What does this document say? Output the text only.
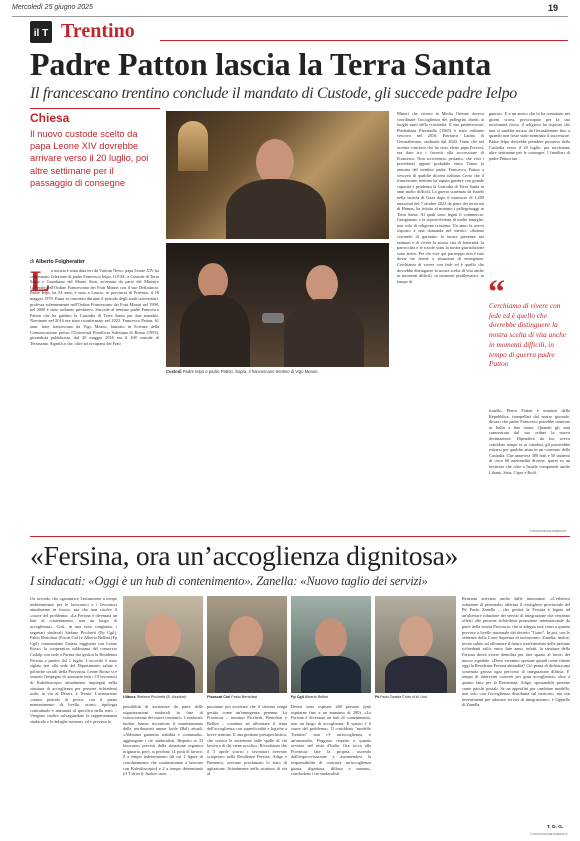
Mercoledì 25 giugno 2025	19
il T Trentino
Padre Patton lascia la Terra Santa
Il francescano trentino conclude il mandato di Custode, gli succede padre Ielpo
Chiesa
Il nuovo custode scelto da papa Leone XIV dovrebbe arrivare verso il 20 luglio, poi altre settimane per il passaggio di consegne
di Alberto Folgheraiter
L a notizia è stata data ieri da Vatican News: papa Leone XIV ha confermato l'elezione di padre Francesco Ielpo, O.F.M., a Custode di Terra Santa e Guardiano del Monte Sion, avvenuta da parte del Ministro Generale dell'Ordine Francescano dei Frati Minori con il suo Definitorio. Padre Ielpo ha 54 anni, è nato a Lauria, in provincia di Potenza, il 18 maggio 1970. Entra in convento durante il periodo degli studi universitari, professa solennemente nell'Ordine Francescano dei Frati Minori nel 1998; nel 2000 è stato ordinato presbitero. Succede al trentino padre Francesco Patton che ha guidato la Custodia di Terra Santa per due mandati. Nominato nel 2016 era stato riconfermato nel 2022. Francesco Patton, 61 anni, frate francescano da Vigo Meano, laureato in Scienze della Comunicazione presso l'Università Pontificia Salesiana di Roma (1993), giornalista pubblicista, dal 20 maggio 2016 era il 168 custode di Terrasanta. Significa che, oltre ad occuparsi dei Frati
Custodi Padre Ielpo e padre Patton. Sopra, il francescano trentino di Vigo Meano
Minori che vivono in Medio Oriente doveva coordinare l'accoglienza dei pellegrini diretti ai luoghi santi della cristianità. Il suo predecessore, Pierbattista Pizzaballa (1965) è stato ordinato vescovo nel 2016, Patriarca Latino di Gerusalemme, cardinale dal 2020. Tanto che nel recente conclave che ha visto eletto papa Prevost, era dato tra i favoriti alla successione di Francesco. Non scriveremo, pertanto, che visti i precedenti appare probabile entro l'anno la nomina del trentino padre Francesco Patton a vescovo di qualche diocesi italiana. Certo che il francescano trentino ha saputo guidare con grande capacità e prudenza la Custodia di Terra Santa in anni molto difficili. La guerra scatenata da Israele nella striscia di Gaza dopo il massacro di 1.200 innocenti del 7 ottobre 2023 da parte dei terroristi di Hamas, ha ridotto al minimo i pellegrinaggi in Terra Santa. Al quali sono legati il commercio, l'artigianato e la sopravvivenza di molte famiglie, non solo di religione cristiana. Un anno fa aveva risposto a una domanda nel merito: «Stiamo cercando di garantire la nostra presenza nei santuari e di vivere la nostra vita di fraternità, la parrocchia e le scuole sotto la nostra giurisdizione sono attive. Per chi vive qui purtroppo non è tuto dover far fronte a situazioni di emergenza. Cerchiamo di vivere con fede ed è quello che dovrebbe distinguere la nostra scelta di vita anche in momenti difficili, in momenti problematici, in tempo di
guerra». E a un amico che lo ha contattato nei giorni scorsi, preoccupato per la sua incolumità fisica, il religioso ha risposto che non si sarebbe mosso da Gerusalemme fino a quando non fosse stato nominato il successore. Padre Ielpo dovrebbe prendere possesso della Custodia verso il 20 luglio, poi serviranno altre settimane per le consegne. I familiari di padre Patton tun
“
Cerchiamo di vivere con fede ed è quello che dovrebbe distinguere la nostra scelta di vita anche in momenti difficili, in tempo di guerra padre Patton
fratello, Pietro Patton è senatore della Repubblica, interpellati dal nostro giornale, dicono che padre Francesco potrebbe rientrare in Italia a fine estate. Quando gli sarà comunicata dal suo ordine la nuova destinazione. Dipenderà da lui, aveva confidato tempo fa ai cittadini, gli piacerebbe ritirarsi per qualche anno in un convento della Custodia. Che annovera 300 frati e 50 studenti di circa 60 nazionalità diverse, sparsi su un territorio che oltre a Israele comprende anche Libano, Siria, Cipro e Rodi.
© RIPRODUZIONE RISERVATA
«Fersina, ora un’accoglienza dignitosa»
I sindacati: «Oggi è un hub di contenimento». Zanella: «Nuovo taglio dei servizi»
Un accordo che «garantisce l'assunzione a tempo indeterminato per le lavoratrici e i lavoratori attualmente in forza», ma che non risolve il «cuore del problema» «La Fersina è diventata un hub di contenimento, non un luogo di accoglienza». Così, in una nota congiunta, i segretari sindacali Stefano Picchetti (Fp Cgil), Fabio Bertolissi (Fiscat Cisl) e Alberto Bellini (Fp Cgil) commentano l'intesa raggiunta con Leone Rosso, la cooperativa valdostana del consorzio Codalp con sede a Parma che gestirà la Residenza Fersina a partire dal 1 luglio. L'accordo è stato siglato ieri alla sede del Dipartimento salute e politiche sociali della Provincia. Leone Rosso si è assunto l'impegno di assumere tutti i 19 lavoratori di Kaleidoscopio attualmente impiegati nella struttura di accoglienza per persone richiedenti asilo, in via al Desert, a Trento. L'assunzione «senza periodo di prova, con il pieno mantenimento di livello, orario, tipologia contrattuale e anzianità al specifica nella rete» – Vengono inoltre salvaguardate la rappresentanza sindacale e le deleghe esistenti, ed è prevista la
Uiltucs Stefano Picchetti (E. Azzolini)	Fisascat Cisl Fabio Bertolissi	Fp Cgil Alberto Bellini	Pd Paolo Zanella © foto di W. Ucci
possibilità di assistenza da parte delle organizzazioni sindacali in fase di sottoscrizione dei nuovi contratti». I sindacati, inoltre, hanno riscontrato il mantenimento delle retribuzioni annue lorde (Ral) attuali. «Abbiamo garantito stabilità e continuità», aggiungono i tre sindacalisti. Rispetto ai 33 lavoratori previsti dalla dotazione organica originaria, però, si perdono 14 posti di lavoro: 8 a tempo indeterminato tili cui 2 figure di coordinamento che continueranno a lavorare con Kaleidoscopio) e 2 a tempo determinato (if T di ieri). Inoltre «non
possiamo più accettare che il sistema venga gestito come un'emergenza perenne. La Provincia – tuonano Picchetti, Bertolissi e Bellini – continua ad affrontare il tema dell'accoglienza con superficialità e logiche a breve termine. Il una gestione presapochistica, che scarica le incertezze sulle spalle di chi lavora e di chi viene accolto». Ricordiamo che il 3 aprile scorso i lavoratori avevano scioperato nella Residenza Fersina, Adige e Brennero, avevano proclamato lo stato di agitazione. Attualmente nella struttura di via al
Desert sono ospitate 260 persone (può ospitarne fino a un massimo di 280). «La Fersina è diventata un hub di contenimento, non un luogo di accoglienza. E questo è il cuore del problema». Il cosiddetto "modello Trentino" non c'è un'accoglienza, è un'anomalia. Peggiore rispetto a quanto avviene nel resto d'Italia. Ora tocca alla Provincia fare la propria, uscendo dall'improvvisazione e assumendosi la responsabilità di costruire un'accoglienza giusta, dignitosa, diffusa e umana», concludono i tre sindacalisti.
Reazioni arrivano anche dalle minoranze. «L'effettiva riduzione di personale» afferma il consigliere provinciale del Pd Paolo Zanella – che gestirà la Fersina è legata ad un'ulteriore riduzione dei servizi di integrazione che verranno offerti alle persone richiedenti protezione internazionale da parte della nostra Provincia, che si adegua tout court a quanto previsto a livello nazionale dal decreto "Cutro". In poi, con le sentenze della Corte Suprema di inclusione». Zanella, inoltre, invita subito ad affrontare il futuro trasferimento delle persone richiedenti asilo: entro fine anno, infatti, la struttura della Fersina dovrà essere demolita per fare spazio al lavori del nuovo ospedale. «Dove verranno spostate quindi come ritiene oggi la Residenza Fersina abitualità? Ciò pensa di dichiara una sostenuta grossa ogni percorso di integrazione diffusa. E' tempo di interventi concreti per gran accoglienza» oltre a quanto fatto per la Resistenza. Adige, spostandole persone come pacchi postali. Se ne approfitti per cambiare modello, non solo con l'accoglienza distribuita sul territorio, ma con investimenti per adottare servizi di integrazione», è l'appello di Zanella.
T. D. G.
© RIPRODUZIONE RISERVATA
